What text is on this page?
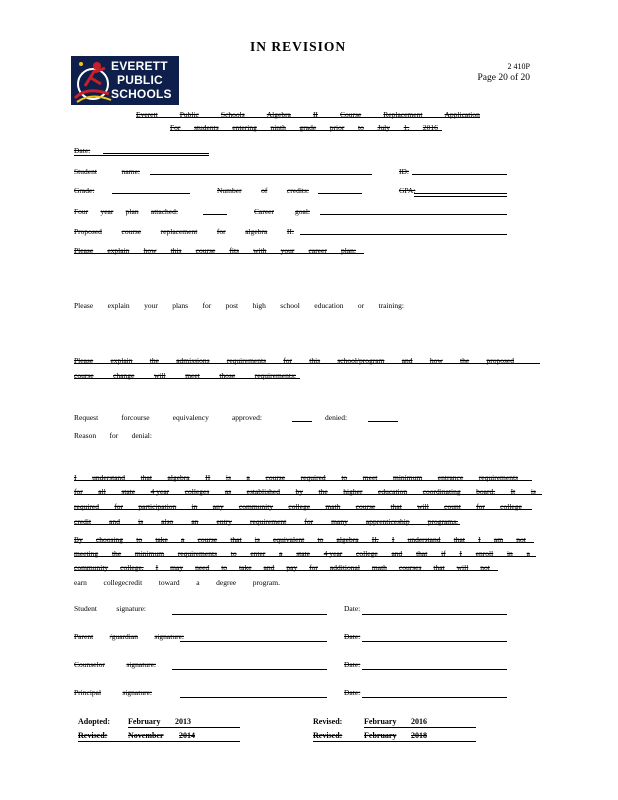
IN REVISION
2 410P
Page 20 of 20
EVERETT
PUBLIC
SCHOOLS
Everett	Public	Schools	Algebra	II	Course	Replacement	Application
For students entering ninth grade prior to July 1, 2016
Date:
Student	name:	ID:
Grade:	Number	of	credits:	GPA:
Four year plan attached:	Career	goal:
Proposed	course	replacement	for	algebra	II:
Please explain how this course fits with your career plan:
Please explain your plans for post high school education or training:
Please explain the admissions requirements for this school/program and how the proposed
course	change	will	meet	those	requirements:
Request	forcourse	equivalency	approved:	denied:
Reason for denial:
I understand that algebra II is a course required to meet minimum entrance requirements
for all state 4 year colleges as established by the higher education coordinating board. It is
required for participation in any community college math course that will count for college
credit and is also an entry requirement for many apprenticeship programs.
By choosing to take a course that is equivalent to algebra II, I understand that I am not
meeting the minimum requirements to enter a state 4 year college and that if I enroll in a
community college, I may need to take and pay for additional math courses that will not
earn collegecredit toward a degree program.
Student	signature:	Date:
Parent /guardian signature:	Date:
Counselor	signature:	Date:
Principal	signature:	Date:
Adopted: February 2013
Revised:	November 2014
Revised:	February 2016
Revised:	February 2018
